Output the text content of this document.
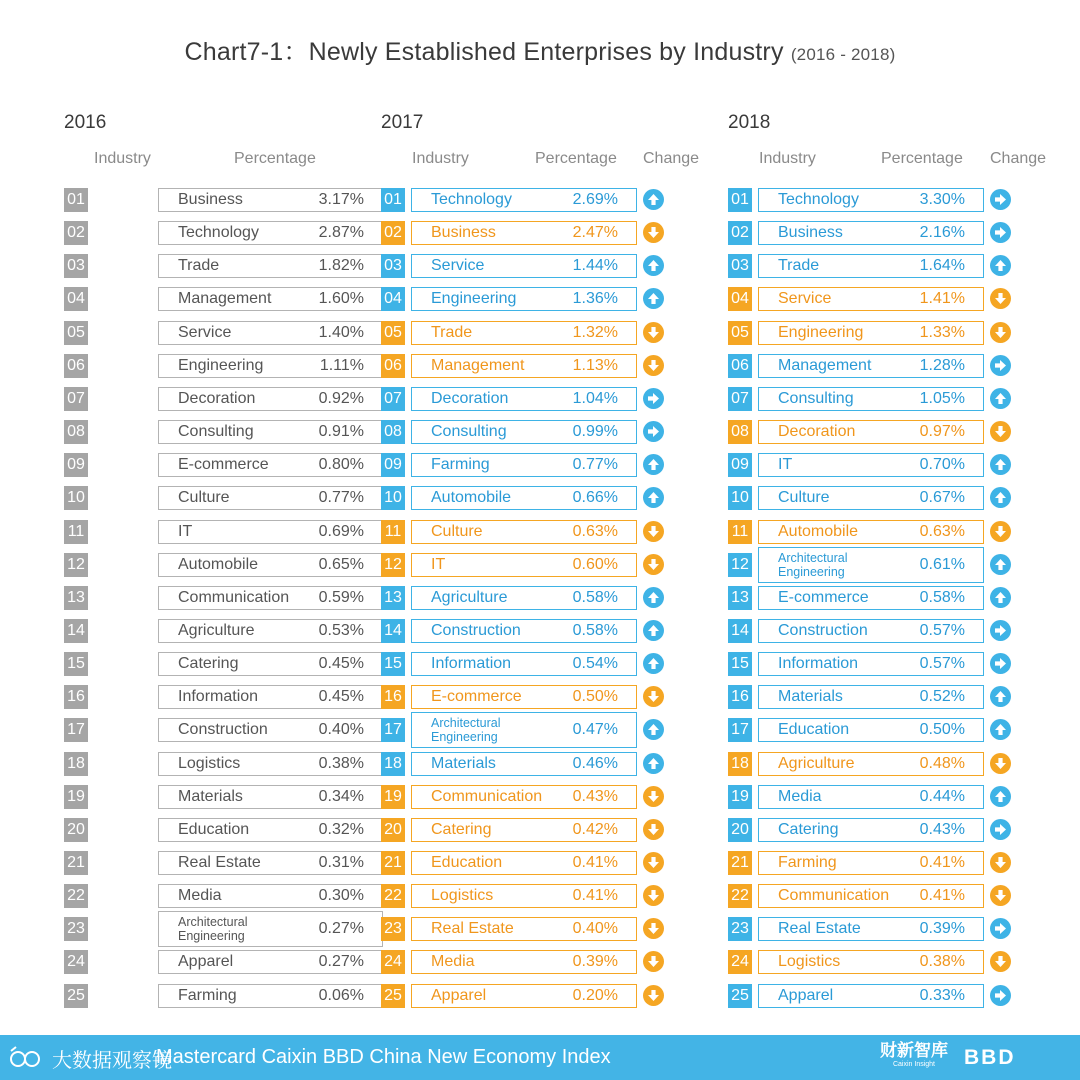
Chart7-1：Newly Established Enterprises by Industry (2016 - 2018)
2016
Industry	Percentage
01	Business	3.17%
02	Technology	2.87%
03	Trade	1.82%
04	Management	1.60%
05	Service	1.40%
06	Engineering	1.11%
07	Decoration	0.92%
08	Consulting	0.91%
09	E-commerce	0.80%
10	Culture	0.77%
11	IT	0.69%
12	Automobile	0.65%
13	Communication 0.59%
14	Agriculture	0.53%
15	Catering	0.45%
16	Information	0.45%
17	Construction	0.40%
18	Logistics	0.38%
19	Materials	0.34%
20	Education	0.32%
21	Real Estate	0.31%
22	Media	0.30%
23	Architectural Engineering	0.27%
24	Apparel	0.27%
25	Farming	0.06%
2017
Industry	Percentage Change
01 Technology	2.69%
02 Business	2.47%
03 Service	1.44%
04 Engineering	1.36%
05 Trade	1.32%
06 Management	1.13%
07 Decoration	1.04%
08 Consulting	0.99%
09 Farming	0.77%
10 Automobile	0.66%
11 Culture	0.63%
12 IT	0.60%
13 Agriculture	0.58%
14 Construction	0.58%
15 Information	0.54%
16 E-commerce	0.50%
17 Architectural Engineering	0.47%
18 Materials	0.46%
19 Communication 0.43%
20 Catering	0.42%
21 Education	0.41%
22 Logistics	0.41%
23 Real Estate	0.40%
24 Media	0.39%
25 Apparel	0.20%
2018
Industry	Percentage Change
01 Technology	3.30%
02 Business	2.16%
03 Trade	1.64%
04 Service	1.41%
05 Engineering	1.33%
06 Management	1.28%
07 Consulting	1.05%
08 Decoration	0.97%
09 IT	0.70%
10 Culture	0.67%
11 Automobile	0.63%
12 Architectural Engineering	0.61%
13 E-commerce	0.58%
14 Construction	0.57%
15 Information	0.57%
16 Materials	0.52%
17 Education	0.50%
18 Agriculture	0.48%
19 Media	0.44%
20 Catering	0.43%
21 Farming	0.41%
22 Communication 0.41%
23 Real Estate	0.39%
24 Logistics	0.38%
25 Apparel	0.33%
大数据观察镜
Mastercard Caixin BBD China New Economy Index	财新智库
Caixin Insight	BBD
